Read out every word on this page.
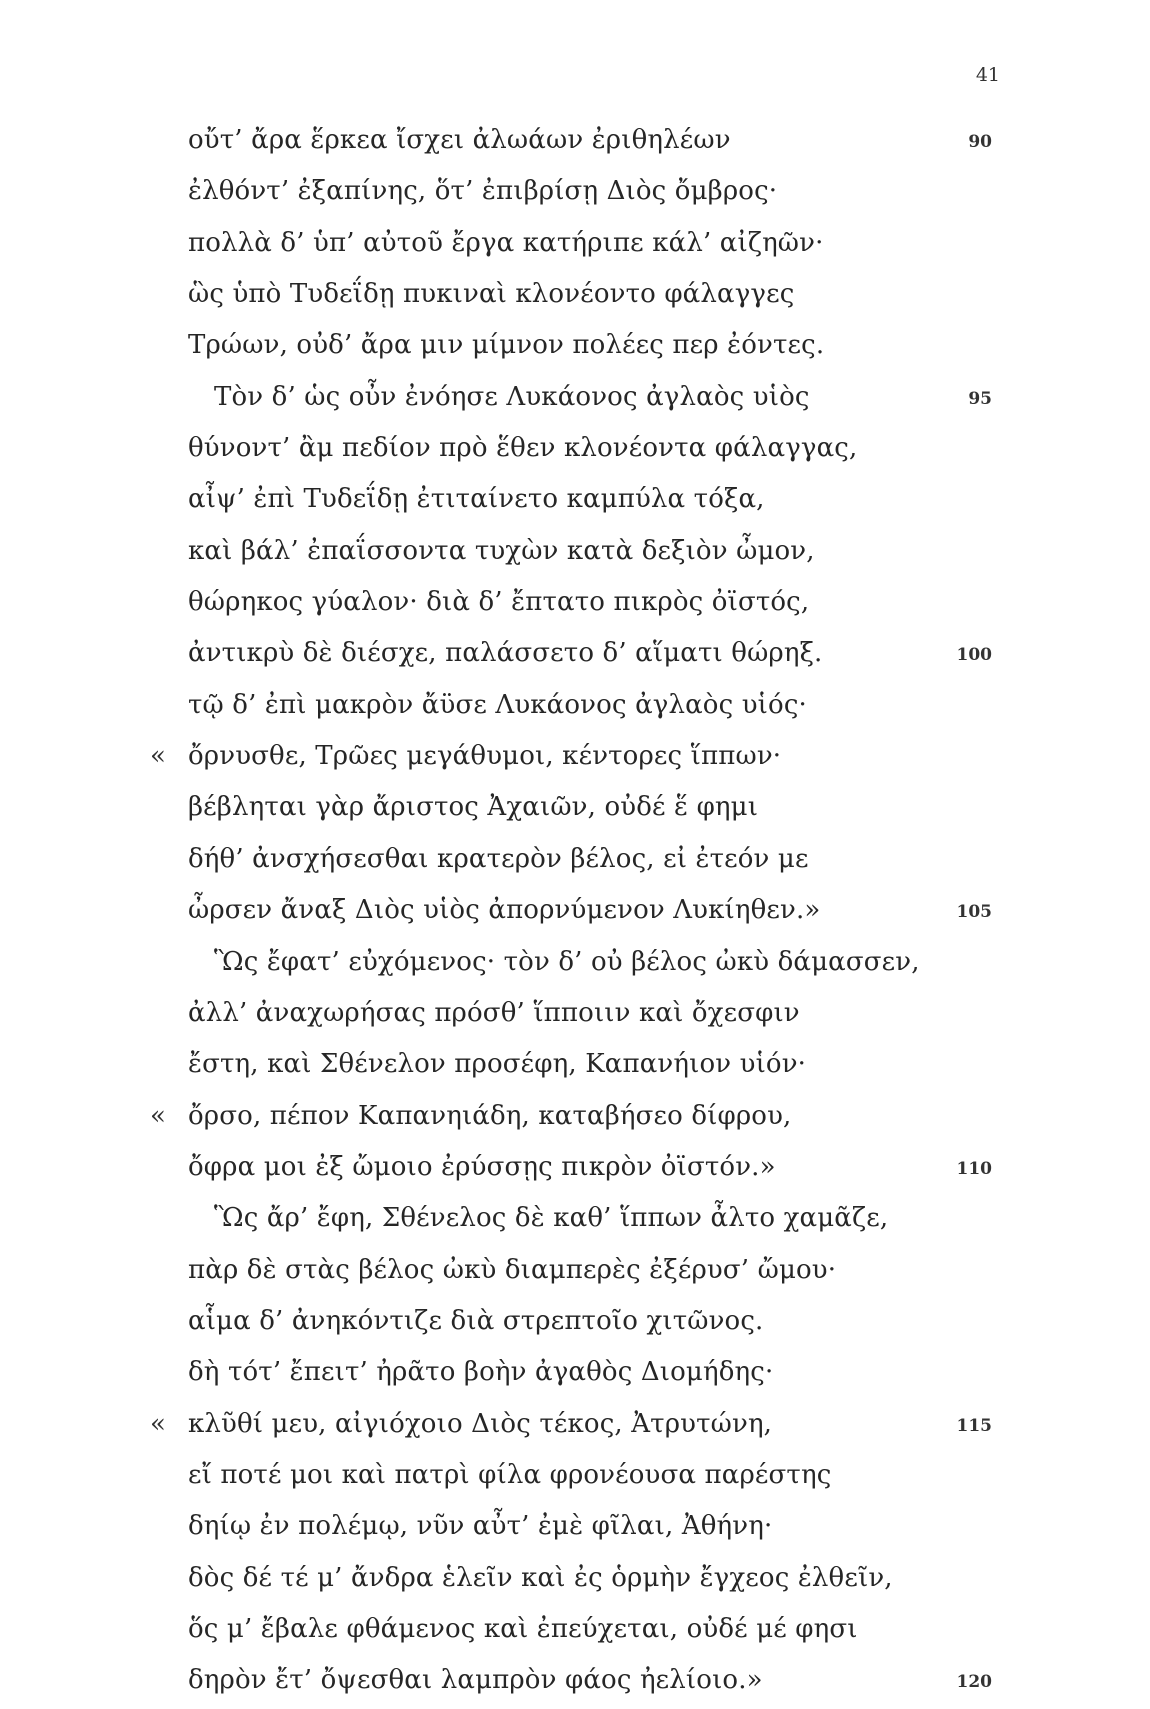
41
οὔτ’ ἄρα ἕρκεα ἴσχει ἀλωάων ἐριθηλέων	90
ἐλθόντ’ ἐξαπίνης, ὅτ’ ἐπιβρίσῃ Διὸς ὄμβρος·
πολλὰ δ’ ὑπ’ αὐτοῦ ἔργα κατήριπε κάλ’ αἰζηῶν·
ὣς ὑπὸ Τυδεΐδῃ πυκιναὶ κλονέοντο φάλαγγες
Τρώων, οὐδ’ ἄρα μιν μίμνον πολέες περ ἐόντες.
Τὸν δ’ ὡς οὖν ἐνόησε Λυκάονος ἀγλαὸς υἱὸς	95
θύνοντ’ ἂμ πεδίον πρὸ ἕθεν κλονέοντα φάλαγγας,
αἶψ’ ἐπὶ Τυδεΐδῃ ἐτιταίνετο καμπύλα τόξα,
καὶ βάλ’ ἐπαΐσσοντα τυχὼν κατὰ δεξιὸν ὦμον,
θώρηκος γύαλον· διὰ δ’ ἔπτατο πικρὸς ὀϊστός,
ἀντικρὺ δὲ διέσχε, παλάσσετο δ’ αἵματι θώρηξ.	100
τῷ δ’ ἐπὶ μακρὸν ἄϋσε Λυκάονος ἀγλαὸς υἱός·
« ὄρνυσθε, Τρῶες μεγάθυμοι, κέντορες ἵππων·
βέβληται γὰρ ἄριστος Ἀχαιῶν, οὐδέ ἕ φημι
δήθ’ ἀνσχήσεσθαι κρατερὸν βέλος, εἰ ἐτεόν με
ὦρσεν ἄναξ Διὸς υἱὸς ἀπορνύμενον Λυκίηθεν.»	105
Ὣς ἔφατ’ εὐχόμενος· τὸν δ’ οὐ βέλος ὠκὺ δάμασσεν,
ἀλλ’ ἀναχωρήσας πρόσθ’ ἵπποιιν καὶ ὄχεσφιν
ἔστη, καὶ Σθένελον προσέφη, Καπανήιον υἱόν·
« ὄρσο, πέπον Καπανηιάδη, καταβήσεο δίφρου,
ὄφρα μοι ἐξ ὤμοιο ἐρύσσῃς πικρὸν ὀϊστόν.»	110
Ὣς ἄρ’ ἔφη, Σθένελος δὲ καθ’ ἵππων ἆλτο χαμᾶζε,
πὰρ δὲ στὰς βέλος ὠκὺ διαμπερὲς ἐξέρυσ’ ὤμου·
αἷμα δ’ ἀνηκόντιζε διὰ στρεπτοῖο χιτῶνος.
δὴ τότ’ ἔπειτ’ ἠρᾶτο βοὴν ἀγαθὸς Διομήδης·
« κλῦθί μευ, αἰγιόχοιο Διὸς τέκος, Ἀτρυτώνη,	115
εἴ ποτέ μοι καὶ πατρὶ φίλα φρονέουσα παρέστης
δηίῳ ἐν πολέμῳ, νῦν αὖτ’ ἐμὲ φῖλαι, Ἀθήνη·
δὸς δέ τέ μ’ ἄνδρα ἑλεῖν καὶ ἐς ὁρμὴν ἔγχεος ἐλθεῖν,
ὅς μ’ ἔβαλε φθάμενος καὶ ἐπεύχεται, οὐδέ μέ φησι
δηρὸν ἔτ’ ὄψεσθαι λαμπρὸν φάος ἠελίοιο.»	120
